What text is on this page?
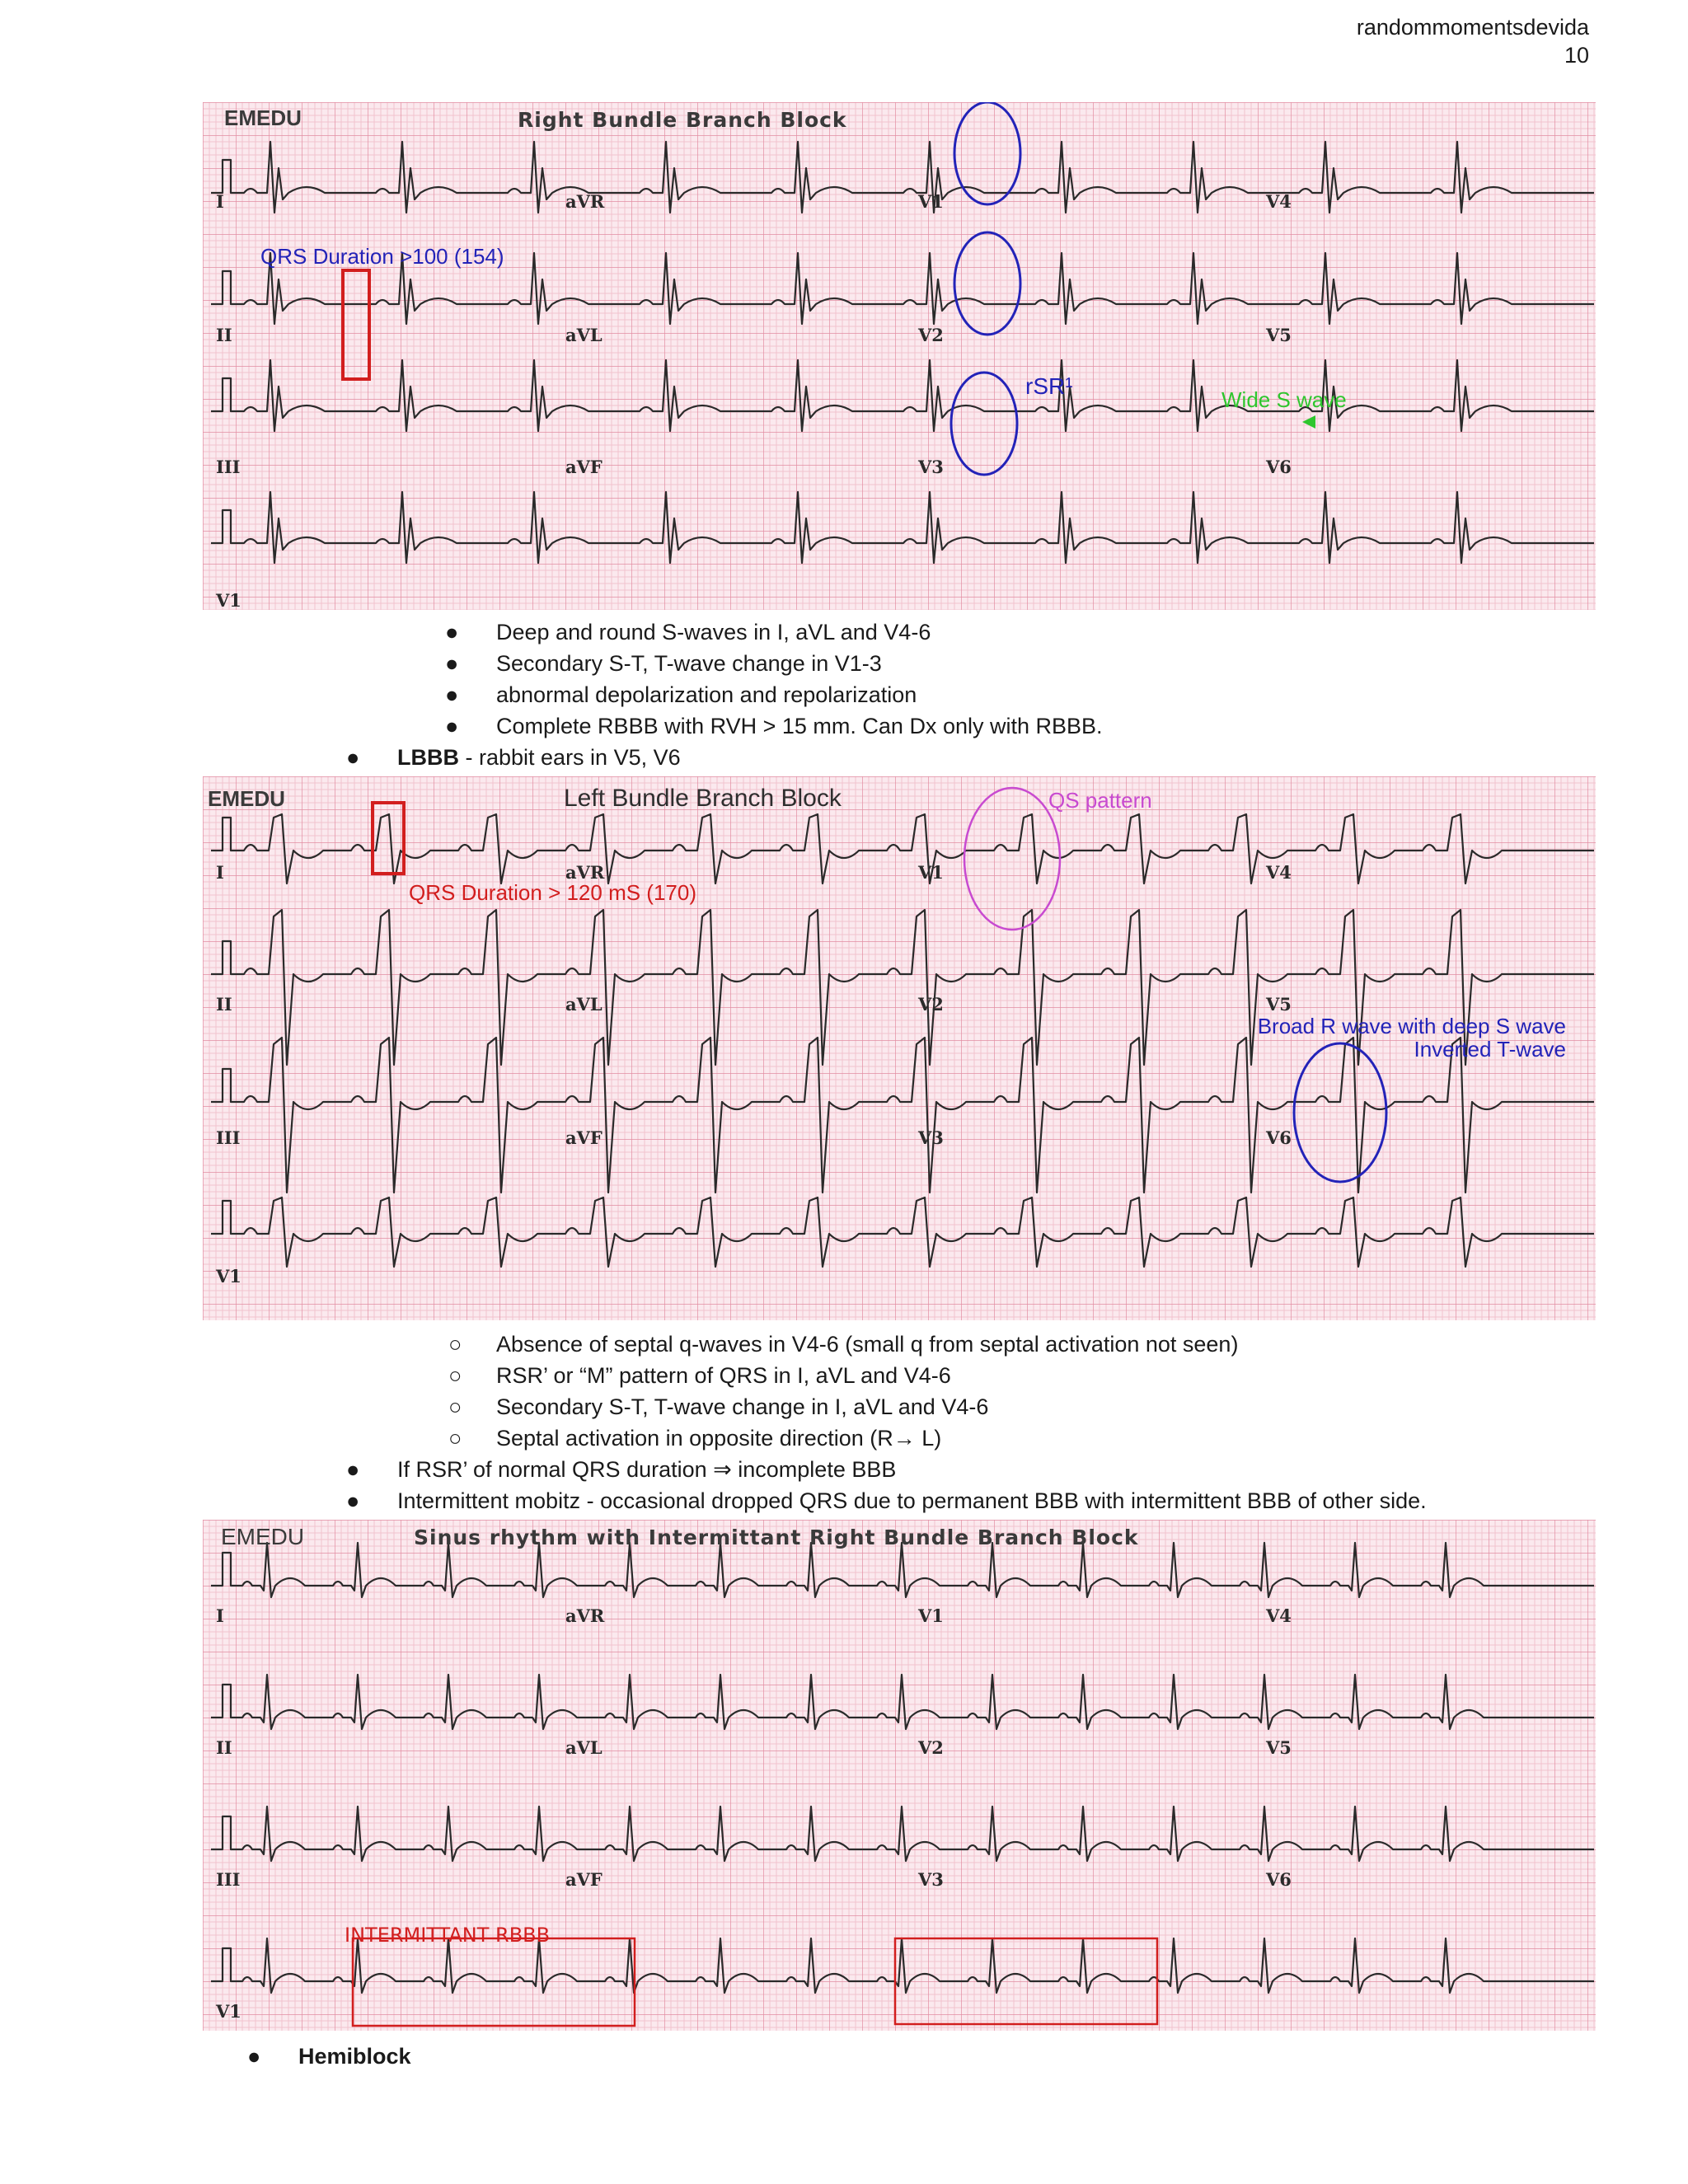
randommomentsdevida
10
EMEDU	Right Bundle Branch Block
I	aVR	V1	V4
II	aVL	V2	V5
III	aVF	V3	V6
V1
QRS Duration >100 (154)
rSR¹
Wide S wave
● Deep and round S-waves in I, aVL and V4-6
● Secondary S-T, T-wave change in V1-3
● abnormal depolarization and repolarization
● Complete RBBB with RVH > 15 mm. Can Dx only with RBBB.
● LBBB - rabbit ears in V5, V6
EMEDU	Left Bundle Branch Block
I	aVR	V1	V4
II	aVL	V2	V5
III	aVF	V3	V6
V1
QRS Duration > 120 mS (170)
QS pattern
Broad R wave with deep S wave
Inverted T-wave
○ Absence of septal q-waves in V4-6 (small q from septal activation not seen)
○ RSR’ or “M” pattern of QRS in I, aVL and V4-6
○ Secondary S-T, T-wave change in I, aVL and V4-6
○ Septal activation in opposite direction (R→ L)
● If RSR’ of normal QRS duration ⇒ incomplete BBB
● Intermittent mobitz - occasional dropped QRS due to permanent BBB with intermittent BBB of other side.
EMEDU	Sinus rhythm with Intermittant Right Bundle Branch Block
I	aVR	V1	V4
II	aVL	V2	V5
III	aVF	V3	V6
V1
INTERMITTANT RBBB
● Hemiblock
